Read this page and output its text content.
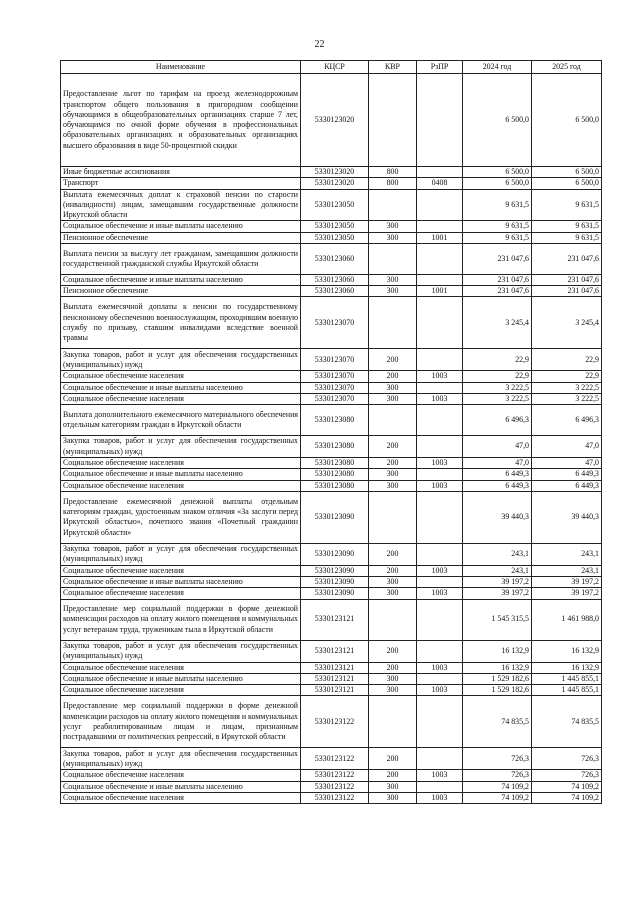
22
Наименование	КЦСР	КВР	РзПР	2024 год	2025 год
Предоставление льгот по тарифам на проезд железнодорожным транспортом общего пользования в пригородном сообщении обучающимся в общеобразовательных организациях старше 7 лет, обучающимся по очной форме обучения в профессиональных образовательных организациях и образовательных организациях высшего образования в виде 50-процентной скидки	5330123020			6 500,0	6 500,0
Иные бюджетные ассигнования	5330123020	800		6 500,0	6 500,0
Транспорт	5330123020	800	0408	6 500,0	6 500,0
Выплата ежемесячных доплат к страховой пенсии по старости (инвалидности) лицам, замещавшим государственные должности Иркутской области	5330123050			9 631,5	9 631,5
Социальное обеспечение и иные выплаты населению	5330123050	300		9 631,5	9 631,5
Пенсионное обеспечение	5330123050	300	1001	9 631,5	9 631,5
Выплата пенсии за выслугу лет гражданам, замещавшим должности государственной гражданской службы Иркутской области	5330123060			231 047,6	231 047,6
Социальное обеспечение и иные выплаты населению	5330123060	300		231 047,6	231 047,6
Пенсионное обеспечение	5330123060	300	1001	231 047,6	231 047,6
Выплата ежемесячной доплаты к пенсии по государственному пенсионному обеспечению военнослужащим, проходившим военную службу по призыву, ставшим инвалидами вследствие военной травмы	5330123070			3 245,4	3 245,4
Закупка товаров, работ и услуг для обеспечения государственных (муниципальных) нужд	5330123070	200		22,9	22,9
Социальное обеспечение населения	5330123070	200	1003	22,9	22,9
Социальное обеспечение и иные выплаты населению	5330123070	300		3 222,5	3 222,5
Социальное обеспечение населения	5330123070	300	1003	3 222,5	3 222,5
Выплата дополнительного ежемесячного материального обеспечения отдельным категориям граждан в Иркутской области	5330123080			6 496,3	6 496,3
Закупка товаров, работ и услуг для обеспечения государственных (муниципальных) нужд	5330123080	200		47,0	47,0
Социальное обеспечение населения	5330123080	200	1003	47,0	47,0
Социальное обеспечение и иные выплаты населению	5330123080	300		6 449,3	6 449,3
Социальное обеспечение населения	5330123080	300	1003	6 449,3	6 449,3
Предоставление ежемесячной денежной выплаты отдельным категориям граждан, удостоенным знаком отличия «За заслуги перед Иркутской областью», почетного звания «Почетный гражданин Иркутской области»	5330123090			39 440,3	39 440,3
Закупка товаров, работ и услуг для обеспечения государственных (муниципальных) нужд	5330123090	200		243,1	243,1
Социальное обеспечение населения	5330123090	200	1003	243,1	243,1
Социальное обеспечение и иные выплаты населению	5330123090	300		39 197,2	39 197,2
Социальное обеспечение населения	5330123090	300	1003	39 197,2	39 197,2
Предоставление мер социальной поддержки в форме денежной компенсации расходов на оплату жилого помещения и коммунальных услуг ветеранам труда, труженикам тыла в Иркутской области	5330123121			1 545 315,5	1 461 988,0
Закупка товаров, работ и услуг для обеспечения государственных (муниципальных) нужд	5330123121	200		16 132,9	16 132,9
Социальное обеспечение населения	5330123121	200	1003	16 132,9	16 132,9
Социальное обеспечение и иные выплаты населению	5330123121	300		1 529 182,6	1 445 855,1
Социальное обеспечение населения	5330123121	300	1003	1 529 182,6	1 445 855,1
Предоставление мер социальной поддержки в форме денежной компенсации расходов на оплату жилого помещения и коммунальных услуг реабилитированным лицам и лицам, признанным пострадавшими от политических репрессий, в Иркутской области	5330123122			74 835,5	74 835,5
Закупка товаров, работ и услуг для обеспечения государственных (муниципальных) нужд	5330123122	200		726,3	726,3
Социальное обеспечение населения	5330123122	200	1003	726,3	726,3
Социальное обеспечение и иные выплаты населению	5330123122	300		74 109,2	74 109,2
Социальное обеспечение населения	5330123122	300	1003	74 109,2	74 109,2
